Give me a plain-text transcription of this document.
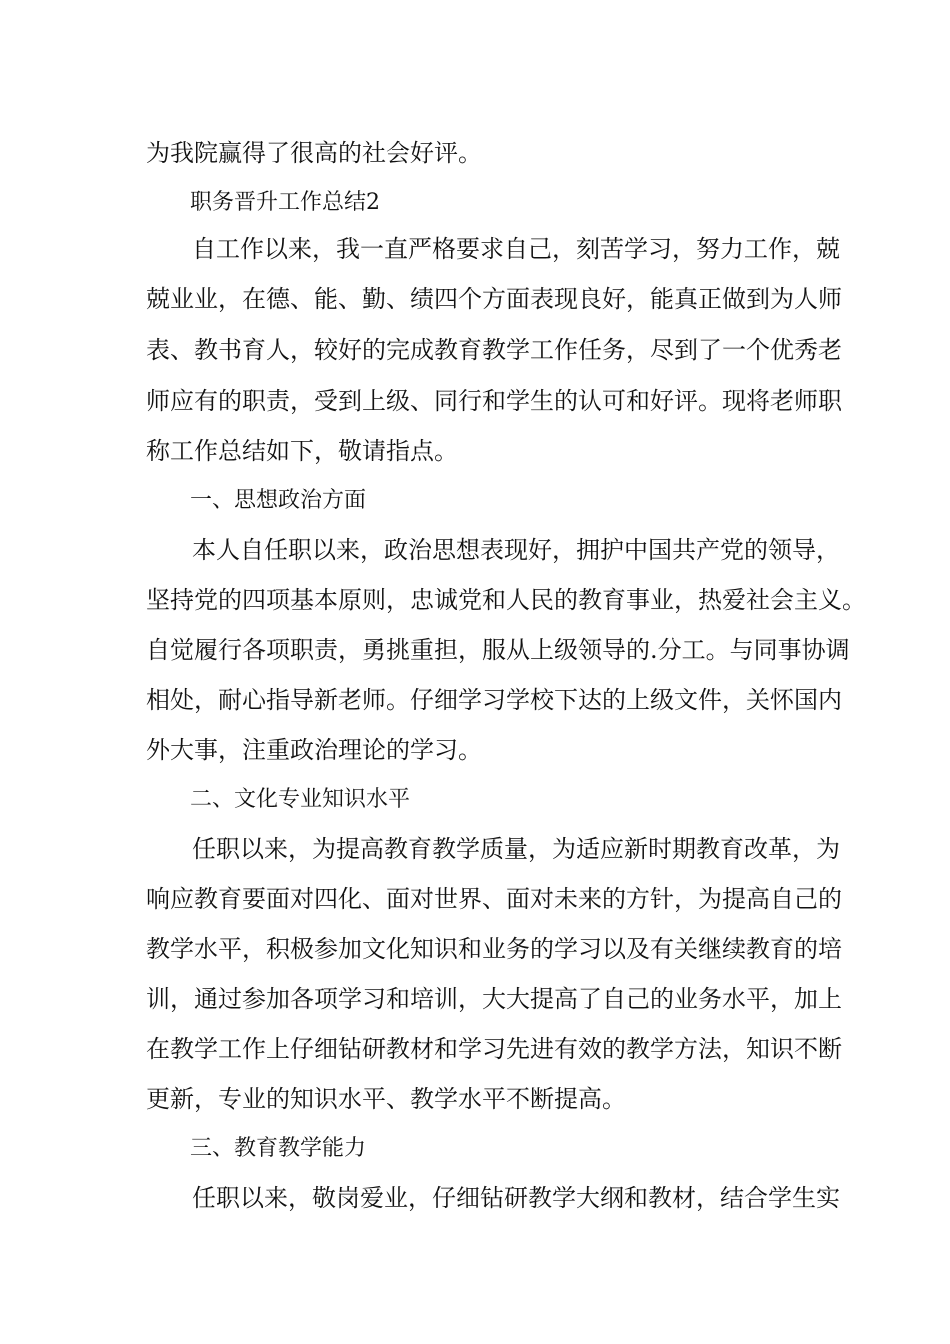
为我院赢得了很高的社会好评。
职务晋升工作总结2
自工作以来，我一直严格要求自己，刻苦学习，努力工作，兢
兢业业，在德、能、勤、绩四个方面表现良好，能真正做到为人师
表、教书育人，较好的完成教育教学工作任务，尽到了一个优秀老
师应有的职责，受到上级、同行和学生的认可和好评。现将老师职
称工作总结如下，敬请指点。
一、思想政治方面
本人自任职以来，政治思想表现好，拥护中国共产党的领导，
坚持党的四项基本原则，忠诚党和人民的教育事业，热爱社会主义。
自觉履行各项职责，勇挑重担，服从上级领导的.分工。与同事协调
相处，耐心指导新老师。仔细学习学校下达的上级文件，关怀国内
外大事，注重政治理论的学习。
二、文化专业知识水平
任职以来，为提高教育教学质量，为适应新时期教育改革，为
响应教育要面对四化、面对世界、面对未来的方针，为提高自己的
教学水平，积极参加文化知识和业务的学习以及有关继续教育的培
训，通过参加各项学习和培训，大大提高了自己的业务水平，加上
在教学工作上仔细钻研教材和学习先进有效的教学方法，知识不断
更新，专业的知识水平、教学水平不断提高。
三、教育教学能力
任职以来，敬岗爱业，仔细钻研教学大纲和教材，结合学生实
